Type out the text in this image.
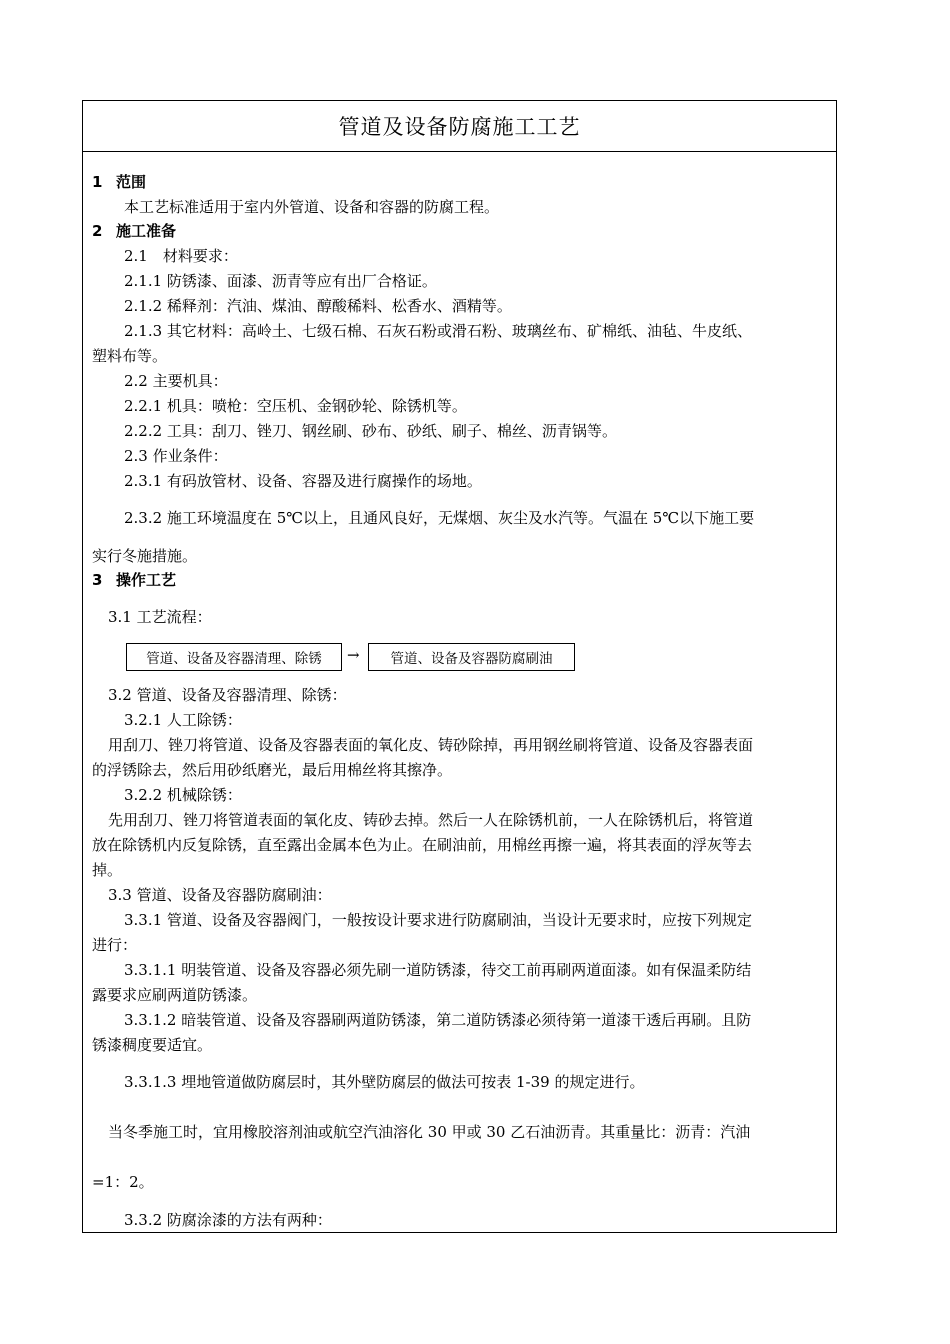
管道及设备防腐施工工艺
1 范围
本工艺标准适用于室内外管道、设备和容器的防腐工程。
2 施工准备
2.1　材料要求：
2.1.1 防锈漆、面漆、沥青等应有出厂合格证。
2.1.2 稀释剂：汽油、煤油、醇酸稀料、松香水、酒精等。
2.1.3 其它材料：高岭土、七级石棉、石灰石粉或滑石粉、玻璃丝布、矿棉纸、油毡、牛皮纸、
塑料布等。
2.2 主要机具：
2.2.1 机具：喷枪：空压机、金钢砂轮、除锈机等。
2.2.2 工具：刮刀、锉刀、钢丝刷、砂布、砂纸、刷子、棉丝、沥青锅等。
2.3 作业条件：
2.3.1 有码放管材、设备、容器及进行腐操作的场地。
2.3.2 施工环境温度在 5℃以上，且通风良好，无煤烟、灰尘及水汽等。气温在 5℃以下施工要
实行冬施措施。
3 操作工艺
3.1 工艺流程：
管道、设备及容器清理、除锈	→	管道、设备及容器防腐刷油
3.2 管道、设备及容器清理、除锈：
3.2.1 人工除锈：
用刮刀、锉刀将管道、设备及容器表面的氧化皮、铸砂除掉，再用钢丝刷将管道、设备及容器表面
的浮锈除去，然后用砂纸磨光，最后用棉丝将其擦净。
3.2.2 机械除锈：
先用刮刀、锉刀将管道表面的氧化皮、铸砂去掉。然后一人在除锈机前，一人在除锈机后，将管道
放在除锈机内反复除锈，直至露出金属本色为止。在刷油前，用棉丝再擦一遍，将其表面的浮灰等去
掉。
3.3 管道、设备及容器防腐刷油：
3.3.1 管道、设备及容器阀门，一般按设计要求进行防腐刷油，当设计无要求时，应按下列规定
进行：
3.3.1.1 明装管道、设备及容器必须先刷一道防锈漆，待交工前再刷两道面漆。如有保温柔防结
露要求应刷两道防锈漆。
3.3.1.2 暗装管道、设备及容器刷两道防锈漆，第二道防锈漆必须待第一道漆干透后再刷。且防
锈漆稠度要适宜。
3.3.1.3 埋地管道做防腐层时，其外壁防腐层的做法可按表 1-39 的规定进行。
当冬季施工时，宜用橡胶溶剂油或航空汽油溶化 30 甲或 30 乙石油沥青。其重量比：沥青：汽油
=1：2。
3.3.2 防腐涂漆的方法有两种：
